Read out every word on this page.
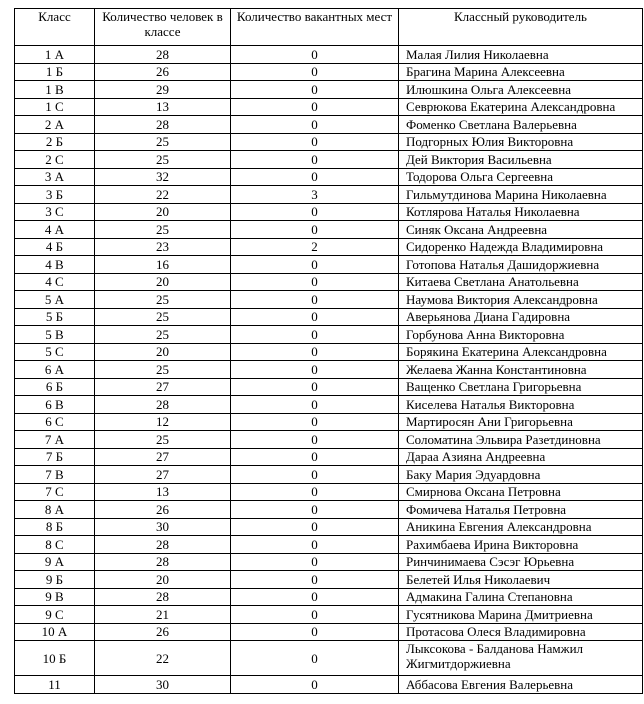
Класс	Количество человек в классе	Количество вакантных мест	Классный руководитель
1 А	28	0	Малая Лилия Николаевна
1 Б	26	0	Брагина Марина Алексеевна
1 В	29	0	Илюшкина Ольга Алексеевна
1 С	13	0	Севрюкова Екатерина Александровна
2 А	28	0	Фоменко Светлана Валерьевна
2 Б	25	0	Подгорных Юлия Викторовна
2 С	25	0	Дей Виктория Васильевна
3 А	32	0	Тодорова Ольга Сергеевна
3 Б	22	3	Гильмутдинова Марина Николаевна
3 С	20	0	Котлярова Наталья Николаевна
4 А	25	0	Синяк Оксана Андреевна
4 Б	23	2	Сидоренко Надежда Владимировна
4 В	16	0	Готопова Наталья Дашидоржиевна
4 С	20	0	Китаева Светлана Анатольевна
5 А	25	0	Наумова Виктория Александровна
5 Б	25	0	Аверьянова Диана Гадировна
5 В	25	0	Горбунова Анна Викторовна
5 С	20	0	Борякина Екатерина Александровна
6 А	25	0	Желаева Жанна Константиновна
6 Б	27	0	Ващенко Светлана Григорьевна
6 В	28	0	Киселева Наталья Викторовна
6 С	12	0	Мартиросян Ани Григорьевна
7 А	25	0	Соломатина Эльвира Разетдиновна
7 Б	27	0	Дараа Азияна Андреевна
7 В	27	0	Баку Мария Эдуардовна
7 С	13	0	Смирнова Оксана Петровна
8 А	26	0	Фомичева Наталья Петровна
8 Б	30	0	Аникина Евгения Александровна
8 С	28	0	Рахимбаева Ирина Викторовна
9 А	28	0	Ринчинимаева Сэсэг Юрьевна
9 Б	20	0	Белетей Илья Николаевич
9 В	28	0	Адмакина Галина Степановна
9 С	21	0	Гусятникова Марина Дмитриевна
10 А	26	0	Протасова Олеся Владимировна
10 Б	22	0	Лыксокова - Балданова Намжил Жигмитдоржиевна
11	30	0	Аббасова Евгения Валерьевна
